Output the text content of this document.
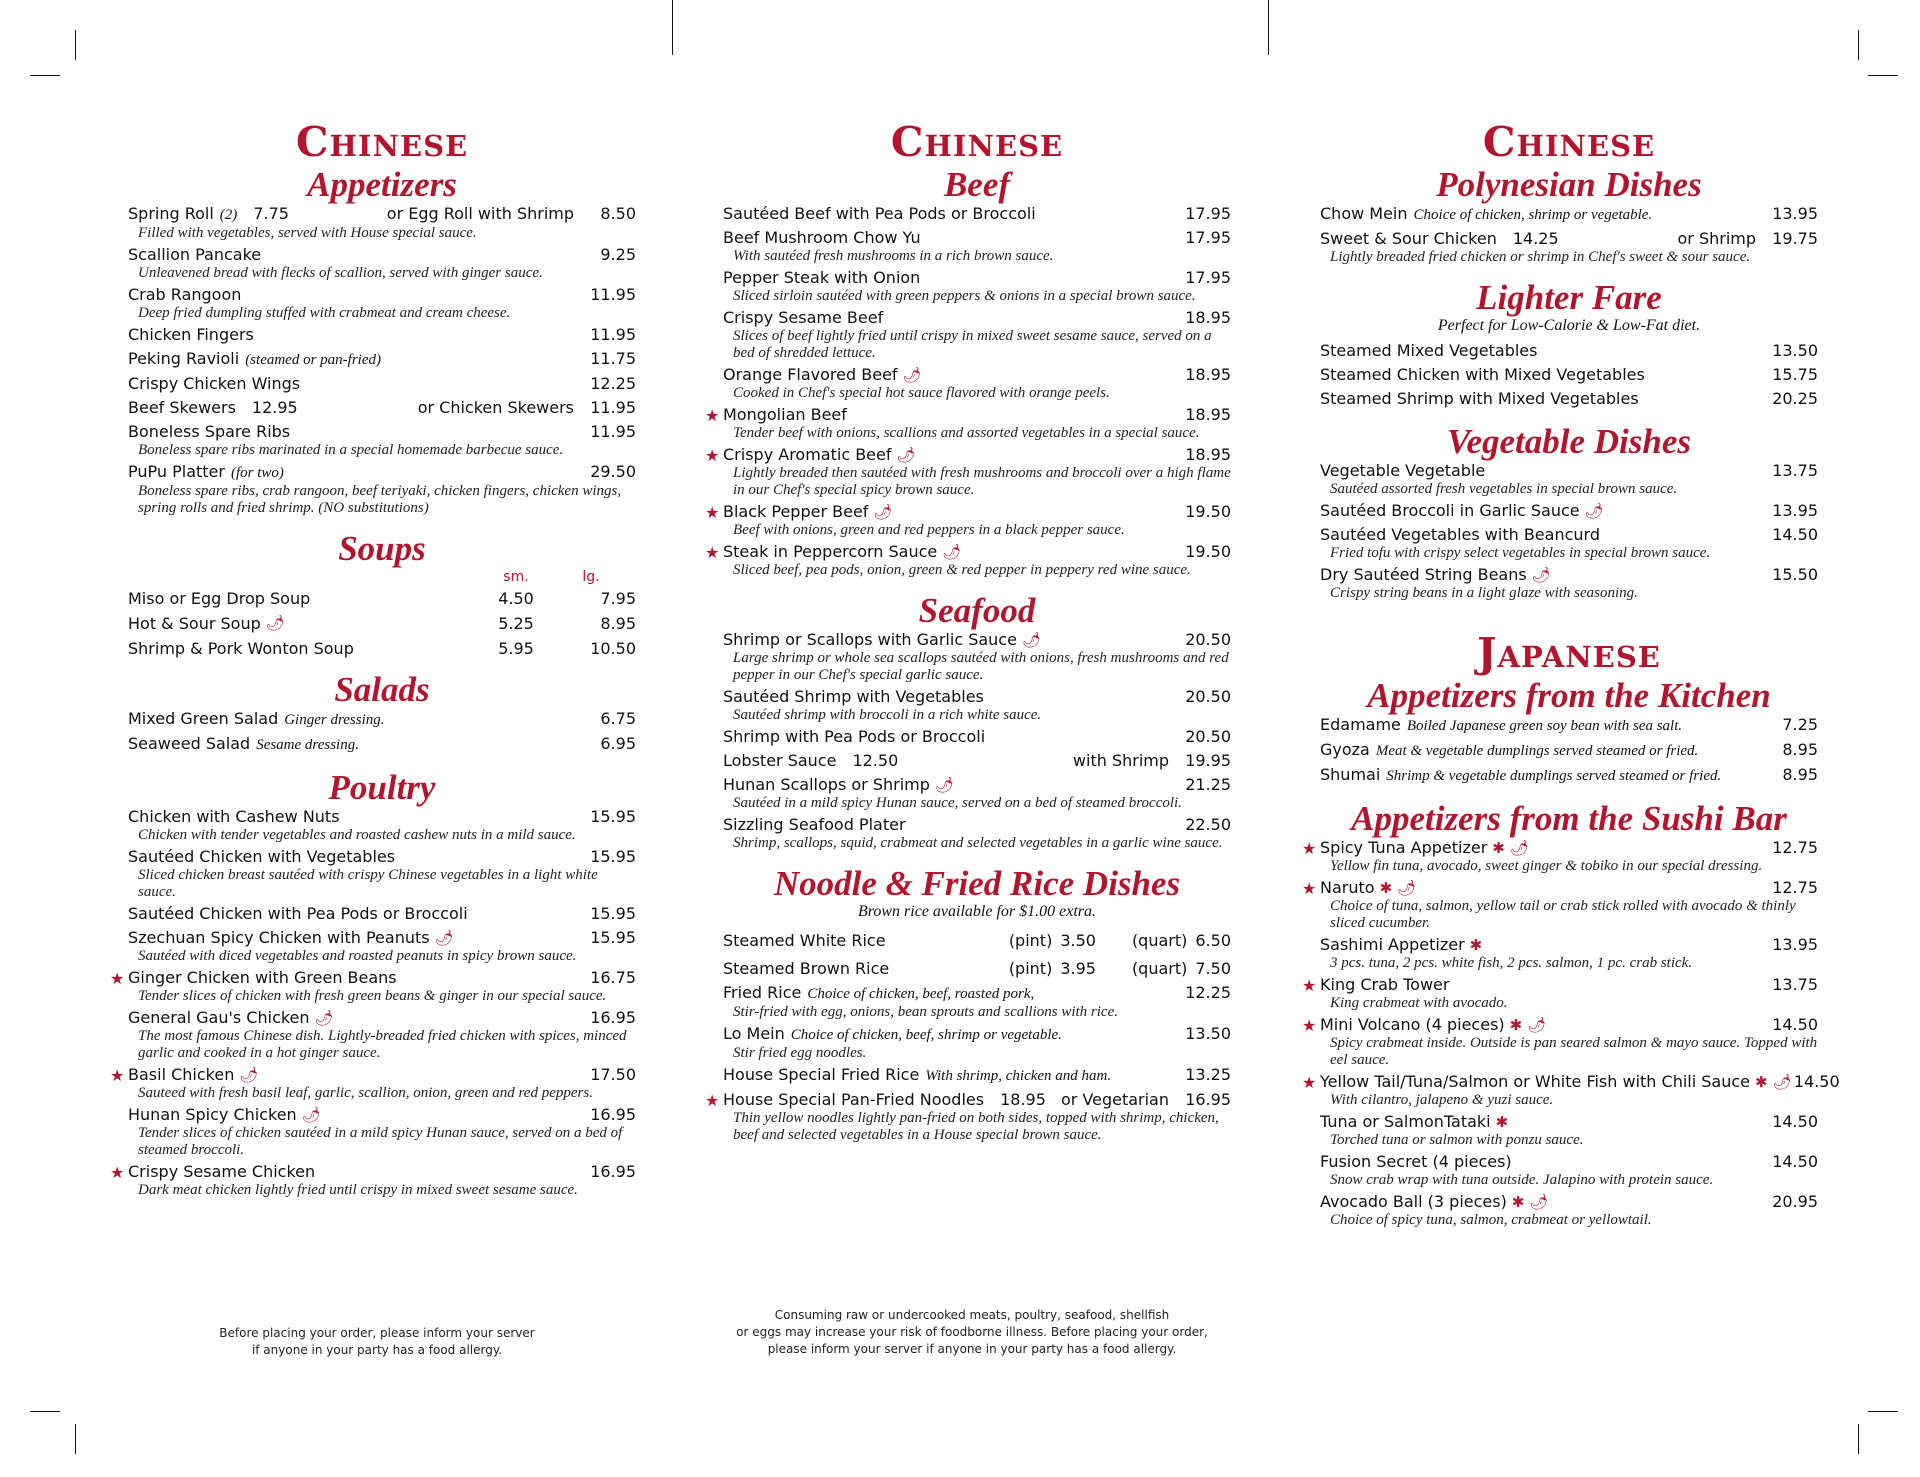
Chinese
Appetizers
Spring Roll (2) 7.75	or Egg Roll with Shrimp	8.50
Filled with vegetables, served with House special sauce.
Scallion Pancake	9.25
Unleavened bread with flecks of scallion, served with ginger sauce.
Crab Rangoon	11.95
Deep fried dumpling stuffed with crabmeat and cream cheese.
Chicken Fingers	11.95
Peking Ravioli (steamed or pan-fried)	11.75
Crispy Chicken Wings	12.25
Beef Skewers 12.95	or Chicken Skewers 11.95
Boneless Spare Ribs	11.95
Boneless spare ribs marinated in a special homemade barbecue sauce.
PuPu Platter (for two)	29.50
Boneless spare ribs, crab rangoon, beef teriyaki, chicken fingers, chicken wings, spring rolls and fried shrimp. (NO substitutions)
Soups
sm.	lg.
Miso or Egg Drop Soup	4.50	7.95
Hot & Sour Soup 🌶	5.25	8.95
Shrimp & Pork Wonton Soup	5.95	10.50
Salads
Mixed Green Salad Ginger dressing.	6.75
Seaweed Salad Sesame dressing.	6.95
Poultry
Chicken with Cashew Nuts	15.95
Chicken with tender vegetables and roasted cashew nuts in a mild sauce.
Sautéed Chicken with Vegetables	15.95
Sliced chicken breast sautéed with crispy Chinese vegetables in a light white sauce.
Sautéed Chicken with Pea Pods or Broccoli	15.95
Szechuan Spicy Chicken with Peanuts 🌶	15.95
Sautéed with diced vegetables and roasted peanuts in spicy brown sauce.
★ Ginger Chicken with Green Beans	16.75
Tender slices of chicken with fresh green beans & ginger in our special sauce.
General Gau's Chicken 🌶	16.95
The most famous Chinese dish. Lightly-breaded fried chicken with spices, minced garlic and cooked in a hot ginger sauce.
★ Basil Chicken 🌶	17.50
Sauteed with fresh basil leaf, garlic, scallion, onion, green and red peppers.
Hunan Spicy Chicken 🌶	16.95
Tender slices of chicken sautéed in a mild spicy Hunan sauce, served on a bed of steamed broccoli.
★ Crispy Sesame Chicken	16.95
Dark meat chicken lightly fried until crispy in mixed sweet sesame sauce.
Before placing your order, please inform your server
if anyone in your party has a food allergy.
Chinese
Beef
Sautéed Beef with Pea Pods or Broccoli	17.95
Beef Mushroom Chow Yu	17.95
With sautéed fresh mushrooms in a rich brown sauce.
Pepper Steak with Onion	17.95
Sliced sirloin sautéed with green peppers & onions in a special brown sauce.
Crispy Sesame Beef	18.95
Slices of beef lightly fried until crispy in mixed sweet sesame sauce, served on a bed of shredded lettuce.
Orange Flavored Beef 🌶	18.95
Cooked in Chef's special hot sauce flavored with orange peels.
★ Mongolian Beef	18.95
Tender beef with onions, scallions and assorted vegetables in a special sauce.
★ Crispy Aromatic Beef 🌶	18.95
Lightly breaded then sautéed with fresh mushrooms and broccoli over a high flame in our Chef's special spicy brown sauce.
★ Black Pepper Beef 🌶	19.50
Beef with onions, green and red peppers in a black pepper sauce.
★ Steak in Peppercorn Sauce 🌶	19.50
Sliced beef, pea pods, onion, green & red pepper in peppery red wine sauce.
Seafood
Shrimp or Scallops with Garlic Sauce 🌶	20.50
Large shrimp or whole sea scallops sautéed with onions, fresh mushrooms and red pepper in our Chef's special garlic sauce.
Sautéed Shrimp with Vegetables	20.50
Sautéed shrimp with broccoli in a rich white sauce.
Shrimp with Pea Pods or Broccoli	20.50
Lobster Sauce 12.50	with Shrimp 19.95
Hunan Scallops or Shrimp 🌶	21.25
Sautéed in a mild spicy Hunan sauce, served on a bed of steamed broccoli.
Sizzling Seafood Plater	22.50
Shrimp, scallops, squid, crabmeat and selected vegetables in a garlic wine sauce.
Noodle & Fried Rice Dishes
Brown rice available for $1.00 extra.
Steamed White Rice	(pint) 3.50 (quart) 6.50
Steamed Brown Rice	(pint) 3.95 (quart) 7.50
Fried Rice Choice of chicken, beef, roasted pork,	12.25
Stir-fried with egg, onions, bean sprouts and scallions with rice.
Lo Mein Choice of chicken, beef, shrimp or vegetable.	13.50
Stir fried egg noodles.
House Special Fried Rice With shrimp, chicken and ham.	13.25
★ House Special Pan-Fried Noodles 18.95 or Vegetarian 16.95
Thin yellow noodles lightly pan-fried on both sides, topped with shrimp, chicken, beef and selected vegetables in a House special brown sauce.
Consuming raw or undercooked meats, poultry, seafood, shellfish
or eggs may increase your risk of foodborne illness. Before placing your order,
please inform your server if anyone in your party has a food allergy.
Chinese
Polynesian Dishes
Chow Mein Choice of chicken, shrimp or vegetable.	13.95
Sweet & Sour Chicken 14.25	or Shrimp 19.75
Lightly breaded fried chicken or shrimp in Chef's sweet & sour sauce.
Lighter Fare
Perfect for Low-Calorie & Low-Fat diet.
Steamed Mixed Vegetables	13.50
Steamed Chicken with Mixed Vegetables	15.75
Steamed Shrimp with Mixed Vegetables	20.25
Vegetable Dishes
Vegetable Vegetable	13.75
Sautéed assorted fresh vegetables in special brown sauce.
Sautéed Broccoli in Garlic Sauce 🌶	13.95
Sautéed Vegetables with Beancurd	14.50
Fried tofu with crispy select vegetables in special brown sauce.
Dry Sautéed String Beans 🌶	15.50
Crispy string beans in a light glaze with seasoning.
Japanese
Appetizers from the Kitchen
Edamame Boiled Japanese green soy bean with sea salt.	7.25
Gyoza Meat & vegetable dumplings served steamed or fried.	8.95
Shumai Shrimp & vegetable dumplings served steamed or fried.	8.95
Appetizers from the Sushi Bar
★ Spicy Tuna Appetizer ✱ 🌶	12.75
Yellow fin tuna, avocado, sweet ginger & tobiko in our special dressing.
★ Naruto ✱ 🌶	12.75
Choice of tuna, salmon, yellow tail or crab stick rolled with avocado & thinly sliced cucumber.
Sashimi Appetizer ✱	13.95
3 pcs. tuna, 2 pcs. white fish, 2 pcs. salmon, 1 pc. crab stick.
★ King Crab Tower	13.75
King crabmeat with avocado.
★ Mini Volcano (4 pieces) ✱ 🌶	14.50
Spicy crabmeat inside. Outside is pan seared salmon & mayo sauce. Topped with eel sauce.
★ Yellow Tail/Tuna/Salmon or White Fish with Chili Sauce ✱ 🌶 14.50
With cilantro, jalapeno & yuzi sauce.
Tuna or SalmonTataki ✱	14.50
Torched tuna or salmon with ponzu sauce.
Fusion Secret (4 pieces)	14.50
Snow crab wrap with tuna outside. Jalapino with protein sauce.
Avocado Ball (3 pieces) ✱ 🌶	20.95
Choice of spicy tuna, salmon, crabmeat or yellowtail.
